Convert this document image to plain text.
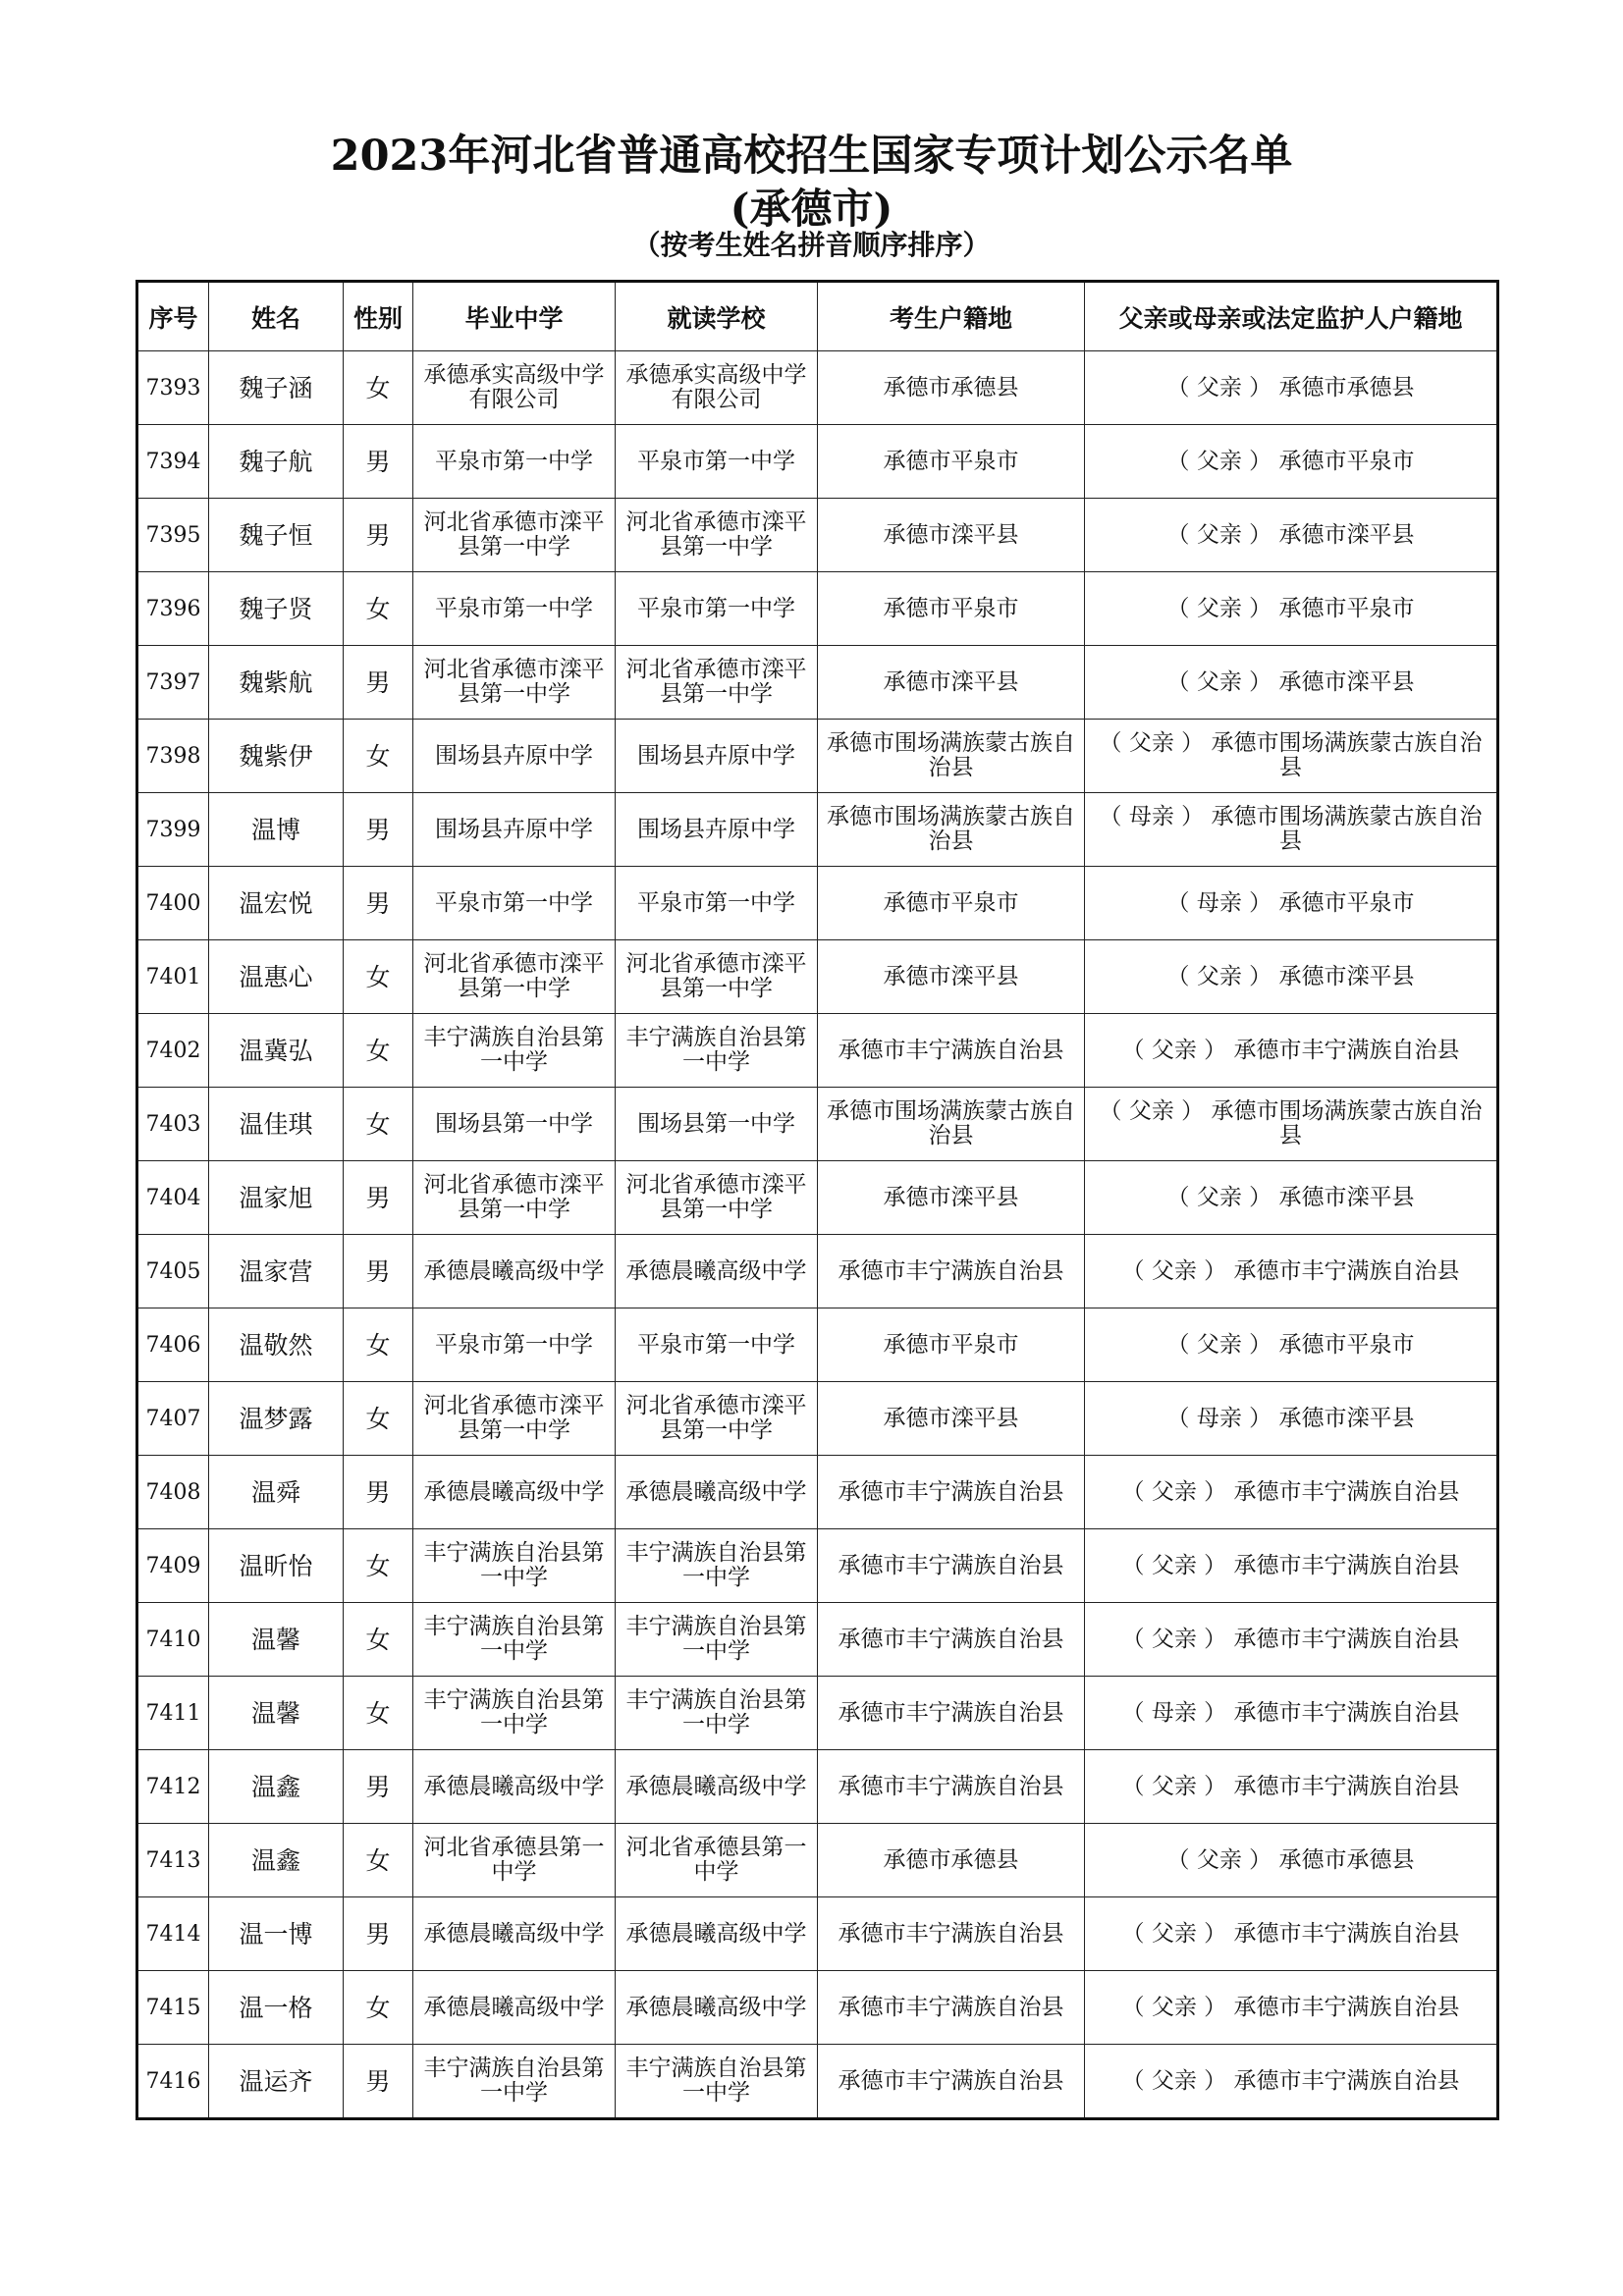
2023年河北省普通高校招生国家专项计划公示名单
(承德市)
（按考生姓名拼音顺序排序）
序号	姓名	性别	毕业中学	就读学校	考生户籍地	父亲或母亲或法定监护人户籍地
7393	魏子涵	女	承德承实高级中学有限公司	承德承实高级中学有限公司	承德市承德县	（ 父亲 ） 承德市承德县
7394	魏子航	男	平泉市第一中学	平泉市第一中学	承德市平泉市	（ 父亲 ） 承德市平泉市
7395	魏子恒	男	河北省承德市滦平县第一中学	河北省承德市滦平县第一中学	承德市滦平县	（ 父亲 ） 承德市滦平县
7396	魏子贤	女	平泉市第一中学	平泉市第一中学	承德市平泉市	（ 父亲 ） 承德市平泉市
7397	魏紫航	男	河北省承德市滦平县第一中学	河北省承德市滦平县第一中学	承德市滦平县	（ 父亲 ） 承德市滦平县
7398	魏紫伊	女	围场县卉原中学	围场县卉原中学	承德市围场满族蒙古族自治县	（ 父亲 ） 承德市围场满族蒙古族自治县
7399	温博	男	围场县卉原中学	围场县卉原中学	承德市围场满族蒙古族自治县	（ 母亲 ） 承德市围场满族蒙古族自治县
7400	温宏悦	男	平泉市第一中学	平泉市第一中学	承德市平泉市	（ 母亲 ） 承德市平泉市
7401	温惠心	女	河北省承德市滦平县第一中学	河北省承德市滦平县第一中学	承德市滦平县	（ 父亲 ） 承德市滦平县
7402	温冀弘	女	丰宁满族自治县第一中学	丰宁满族自治县第一中学	承德市丰宁满族自治县	（ 父亲 ） 承德市丰宁满族自治县
7403	温佳琪	女	围场县第一中学	围场县第一中学	承德市围场满族蒙古族自治县	（ 父亲 ） 承德市围场满族蒙古族自治县
7404	温家旭	男	河北省承德市滦平县第一中学	河北省承德市滦平县第一中学	承德市滦平县	（ 父亲 ） 承德市滦平县
7405	温家营	男	承德晨曦高级中学	承德晨曦高级中学	承德市丰宁满族自治县	（ 父亲 ） 承德市丰宁满族自治县
7406	温敬然	女	平泉市第一中学	平泉市第一中学	承德市平泉市	（ 父亲 ） 承德市平泉市
7407	温梦露	女	河北省承德市滦平县第一中学	河北省承德市滦平县第一中学	承德市滦平县	（ 母亲 ） 承德市滦平县
7408	温舜	男	承德晨曦高级中学	承德晨曦高级中学	承德市丰宁满族自治县	（ 父亲 ） 承德市丰宁满族自治县
7409	温昕怡	女	丰宁满族自治县第一中学	丰宁满族自治县第一中学	承德市丰宁满族自治县	（ 父亲 ） 承德市丰宁满族自治县
7410	温馨	女	丰宁满族自治县第一中学	丰宁满族自治县第一中学	承德市丰宁满族自治县	（ 父亲 ） 承德市丰宁满族自治县
7411	温馨	女	丰宁满族自治县第一中学	丰宁满族自治县第一中学	承德市丰宁满族自治县	（ 母亲 ） 承德市丰宁满族自治县
7412	温鑫	男	承德晨曦高级中学	承德晨曦高级中学	承德市丰宁满族自治县	（ 父亲 ） 承德市丰宁满族自治县
7413	温鑫	女	河北省承德县第一中学	河北省承德县第一中学	承德市承德县	（ 父亲 ） 承德市承德县
7414	温一博	男	承德晨曦高级中学	承德晨曦高级中学	承德市丰宁满族自治县	（ 父亲 ） 承德市丰宁满族自治县
7415	温一格	女	承德晨曦高级中学	承德晨曦高级中学	承德市丰宁满族自治县	（ 父亲 ） 承德市丰宁满族自治县
7416	温运齐	男	丰宁满族自治县第一中学	丰宁满族自治县第一中学	承德市丰宁满族自治县	（ 父亲 ） 承德市丰宁满族自治县
